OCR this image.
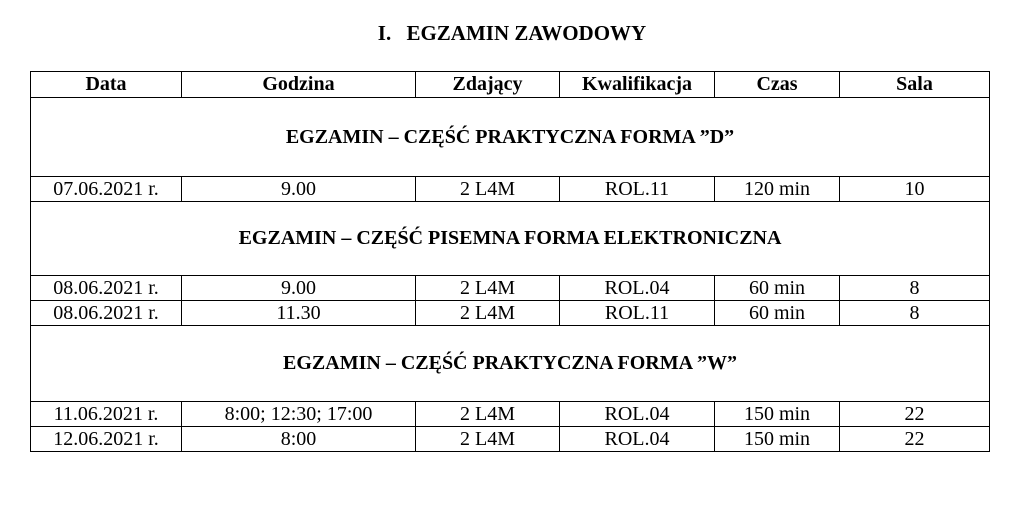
I. EGZAMIN ZAWODOWY
Data	Godzina	Zdający	Kwalifikacja	Czas	Sala
EGZAMIN – CZĘŚĆ PRAKTYCZNA FORMA ”D”					
07.06.2021 r.	9.00	2 L4M	ROL.11	120 min	10
EGZAMIN – CZĘŚĆ PISEMNA FORMA ELEKTRONICZNA					
08.06.2021 r.	9.00	2 L4M	ROL.04	60 min	8
08.06.2021 r.	11.30	2 L4M	ROL.11	60 min	8
EGZAMIN – CZĘŚĆ PRAKTYCZNA FORMA ”W”					
11.06.2021 r.	8:00; 12:30; 17:00	2 L4M	ROL.04	150 min	22
12.06.2021 r.	8:00	2 L4M	ROL.04	150 min	22
